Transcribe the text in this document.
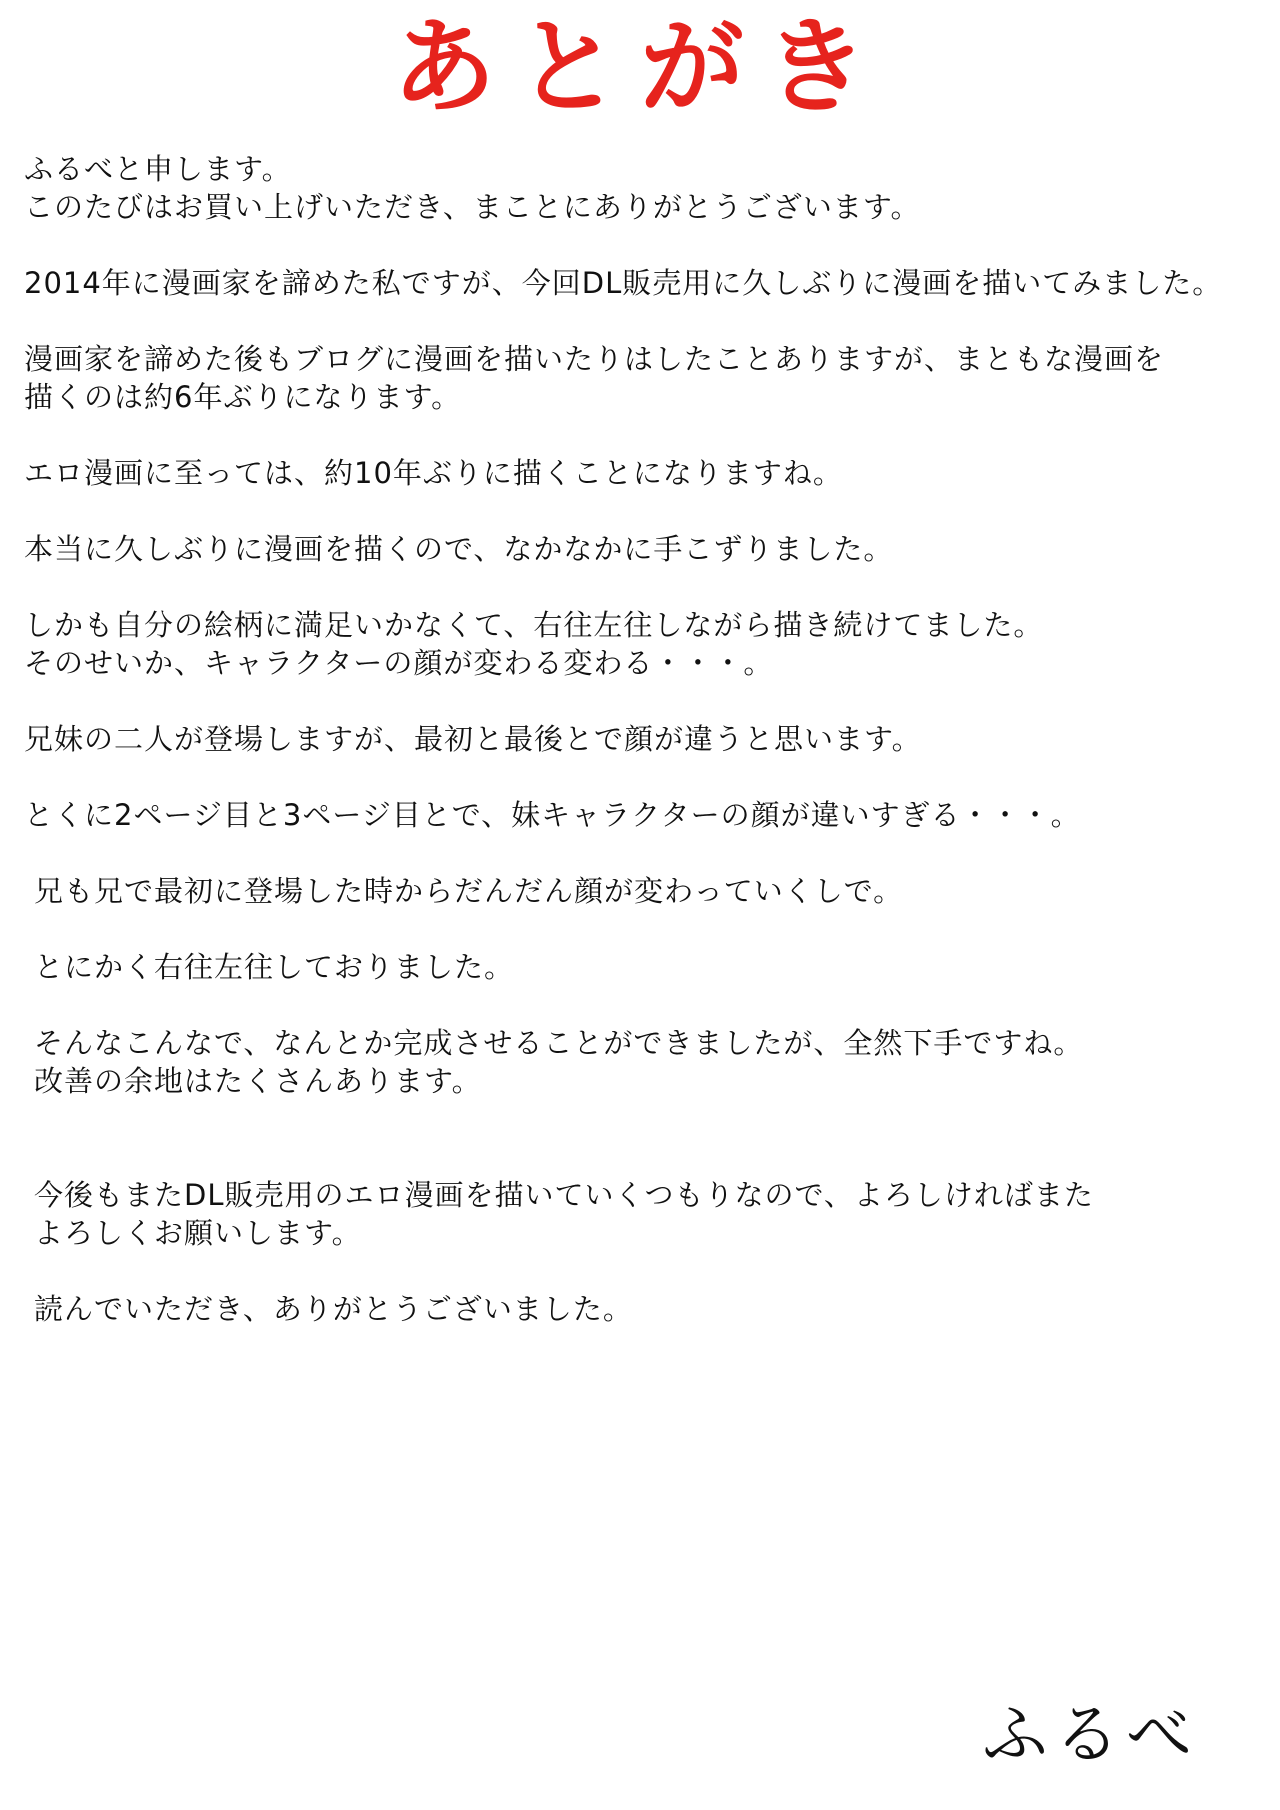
あとがき
ふるべと申します。
このたびはお買い上げいただき、まことにありがとうございます。
2014年に漫画家を諦めた私ですが、今回DL販売用に久しぶりに漫画を描いてみました。
漫画家を諦めた後もブログに漫画を描いたりはしたことありますが、まともな漫画を
描くのは約6年ぶりになります。
エロ漫画に至っては、約10年ぶりに描くことになりますね。
本当に久しぶりに漫画を描くので、なかなかに手こずりました。
しかも自分の絵柄に満足いかなくて、右往左往しながら描き続けてました。
そのせいか、キャラクターの顔が変わる変わる・・・。
兄妹の二人が登場しますが、最初と最後とで顔が違うと思います。
とくに2ページ目と3ページ目とで、妹キャラクターの顔が違いすぎる・・・。
兄も兄で最初に登場した時からだんだん顔が変わっていくしで。
とにかく右往左往しておりました。
そんなこんなで、なんとか完成させることができましたが、全然下手ですね。
改善の余地はたくさんあります。
今後もまたDL販売用のエロ漫画を描いていくつもりなので、よろしければまた
よろしくお願いします。
読んでいただき、ありがとうございました。
ふるべ
